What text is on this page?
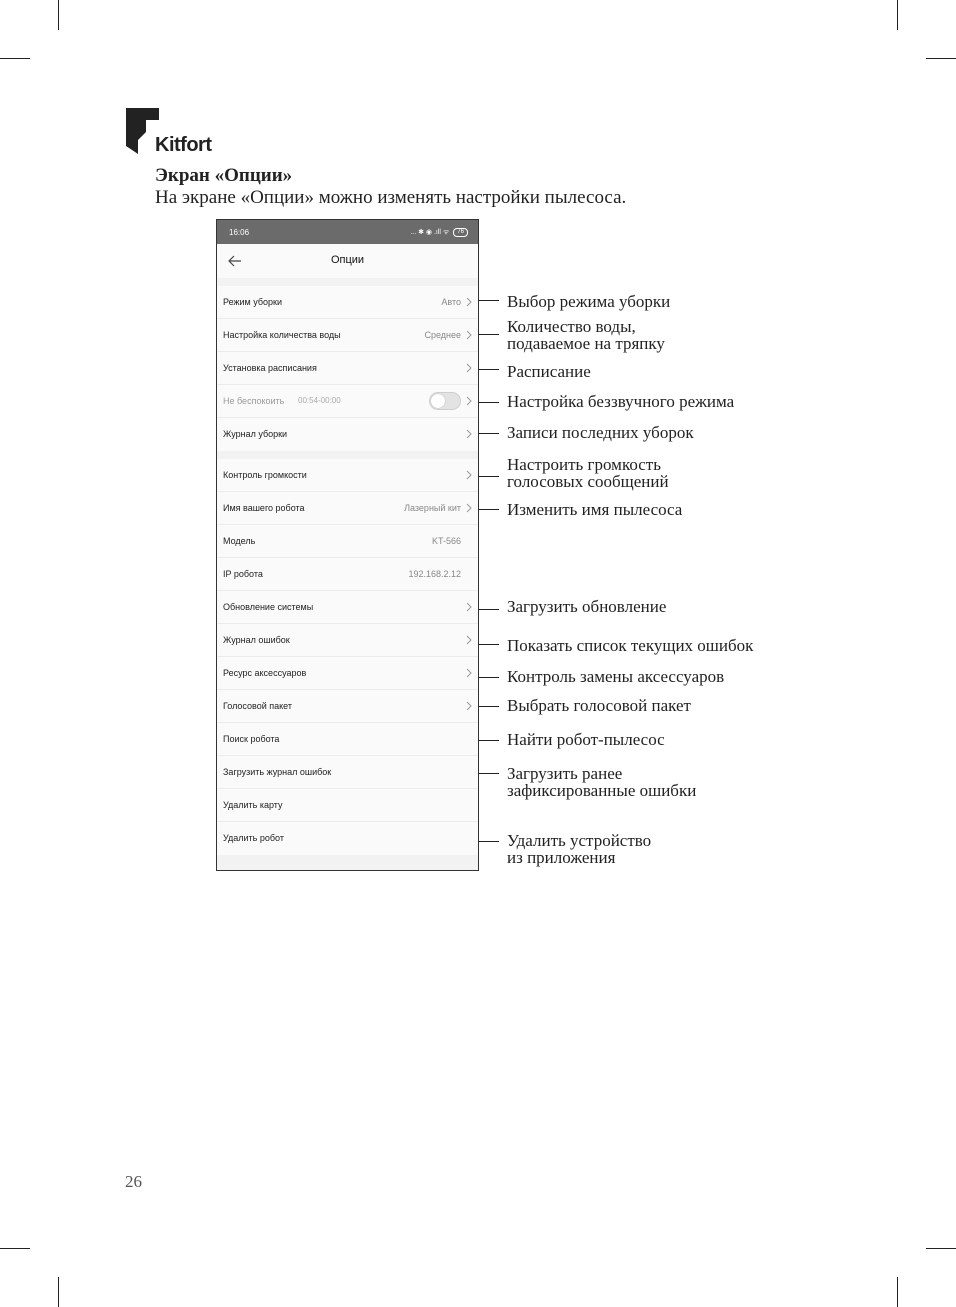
Kitfort
Экран «Опции»
На экране «Опции» можно изменять настройки пылесоса.
16:06	... ✱ ◉ .ıll ᯤ	76
Опции
Режим уборки	Авто
Настройка количества воды	Среднее
Установка расписания
Не беспокоить 00:54-00:00
Журнал уборки
Контроль громкости
Имя вашего робота	Лазерный кит
Модель	KT-566
IP робота	192.168.2.12
Обновление системы
Журнал ошибок
Ресурс аксессуаров
Голосовой пакет
Поиск робота
Загрузить журнал ошибок
Удалить карту
Удалить робот
Выбор режима уборки
Количество воды,
подаваемое на тряпку
Расписание
Настройка беззвучного режима
Записи последних уборок
Настроить громкость
голосовых сообщений
Изменить имя пылесоса
Загрузить обновление
Показать список текущих ошибок
Контроль замены аксессуаров
Выбрать голосовой пакет
Найти робот-пылесос
Загрузить ранее
зафиксированные ошибки
Удалить устройство
из приложения
26
